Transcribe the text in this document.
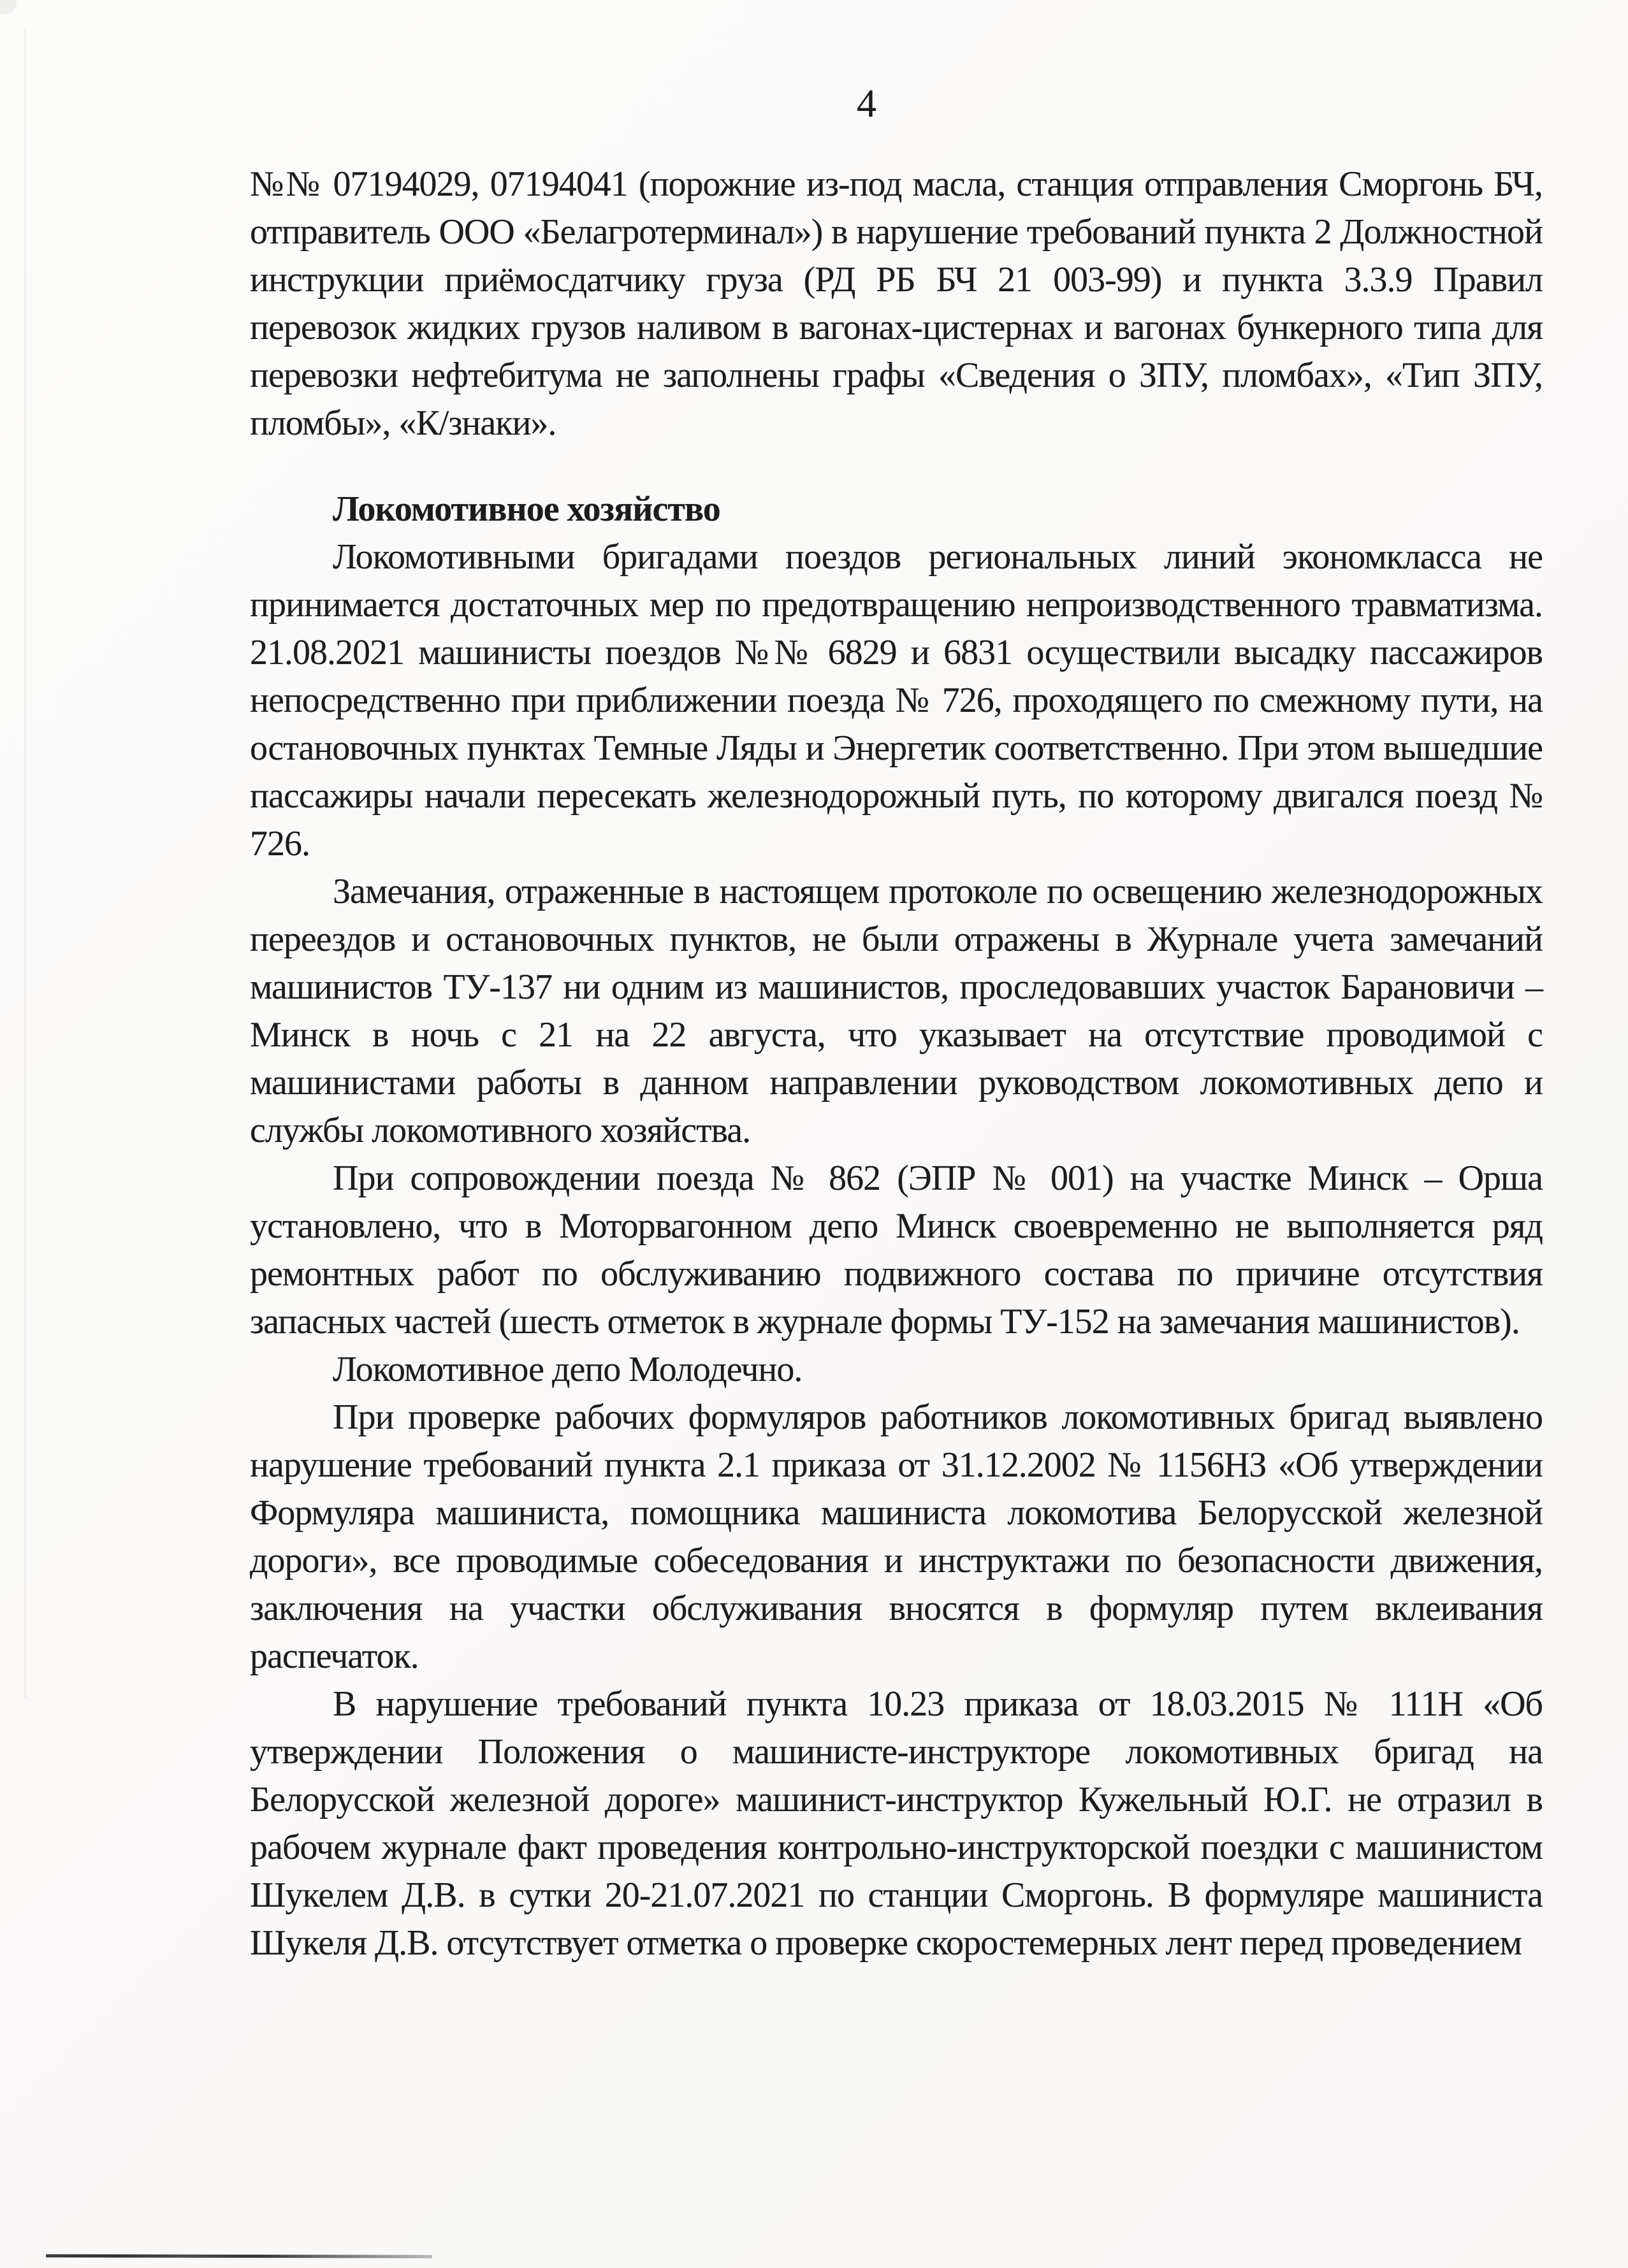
4

№№ 07194029, 07194041 (порожние из-под масла, станция отправления Сморгонь БЧ, отправитель ООО «Белагротерминал») в нарушение требований пункта 2 Должностной инструкции приёмосдатчику груза (РД РБ БЧ 21 003-99) и пункта 3.3.9 Правил перевозок жидких грузов наливом в вагонах-цистернах и вагонах бункерного типа для перевозки нефтебитума не заполнены графы «Сведения о ЗПУ, пломбах», «Тип ЗПУ, пломбы», «К/знаки».

Локомотивное хозяйство

Локомотивными бригадами поездов региональных линий экономкласса не принимается достаточных мер по предотвращению непроизводственного травматизма. 21.08.2021 машинисты поездов №№ 6829 и 6831 осуществили высадку пассажиров непосредственно при приближении поезда № 726, проходящего по смежному пути, на остановочных пунктах Темные Ляды и Энергетик соответственно. При этом вышедшие пассажиры начали пересекать железнодорожный путь, по которому двигался поезд № 726.

Замечания, отраженные в настоящем протоколе по освещению железнодорожных переездов и остановочных пунктов, не были отражены в Журнале учета замечаний машинистов ТУ-137 ни одним из машинистов, проследовавших участок Барановичи – Минск в ночь с 21 на 22 августа, что указывает на отсутствие проводимой с машинистами работы в данном направлении руководством локомотивных депо и службы локомотивного хозяйства.

При сопровождении поезда № 862 (ЭПР № 001) на участке Минск – Орша установлено, что в Моторвагонном депо Минск своевременно не выполняется ряд ремонтных работ по обслуживанию подвижного состава по причине отсутствия запасных частей (шесть отметок в журнале формы ТУ-152 на замечания машинистов).

Локомотивное депо Молодечно.

При проверке рабочих формуляров работников локомотивных бригад выявлено нарушение требований пункта 2.1 приказа от 31.12.2002 № 1156НЗ «Об утверждении Формуляра машиниста, помощника машиниста локомотива Белорусской железной дороги», все проводимые собеседования и инструктажи по безопасности движения, заключения на участки обслуживания вносятся в формуляр путем вклеивания распечаток.

В нарушение требований пункта 10.23 приказа от 18.03.2015 № 111Н «Об утверждении Положения о машинисте-инструкторе локомотивных бригад на Белорусской железной дороге» машинист-инструктор Кужельный Ю.Г. не отразил в рабочем журнале факт проведения контрольно-инструкторской поездки с машинистом Шукелем Д.В. в сутки 20-21.07.2021 по станции Сморгонь. В формуляре машиниста Шукеля Д.В. отсутствует отметка о проверке скоростемерных лент перед проведением
